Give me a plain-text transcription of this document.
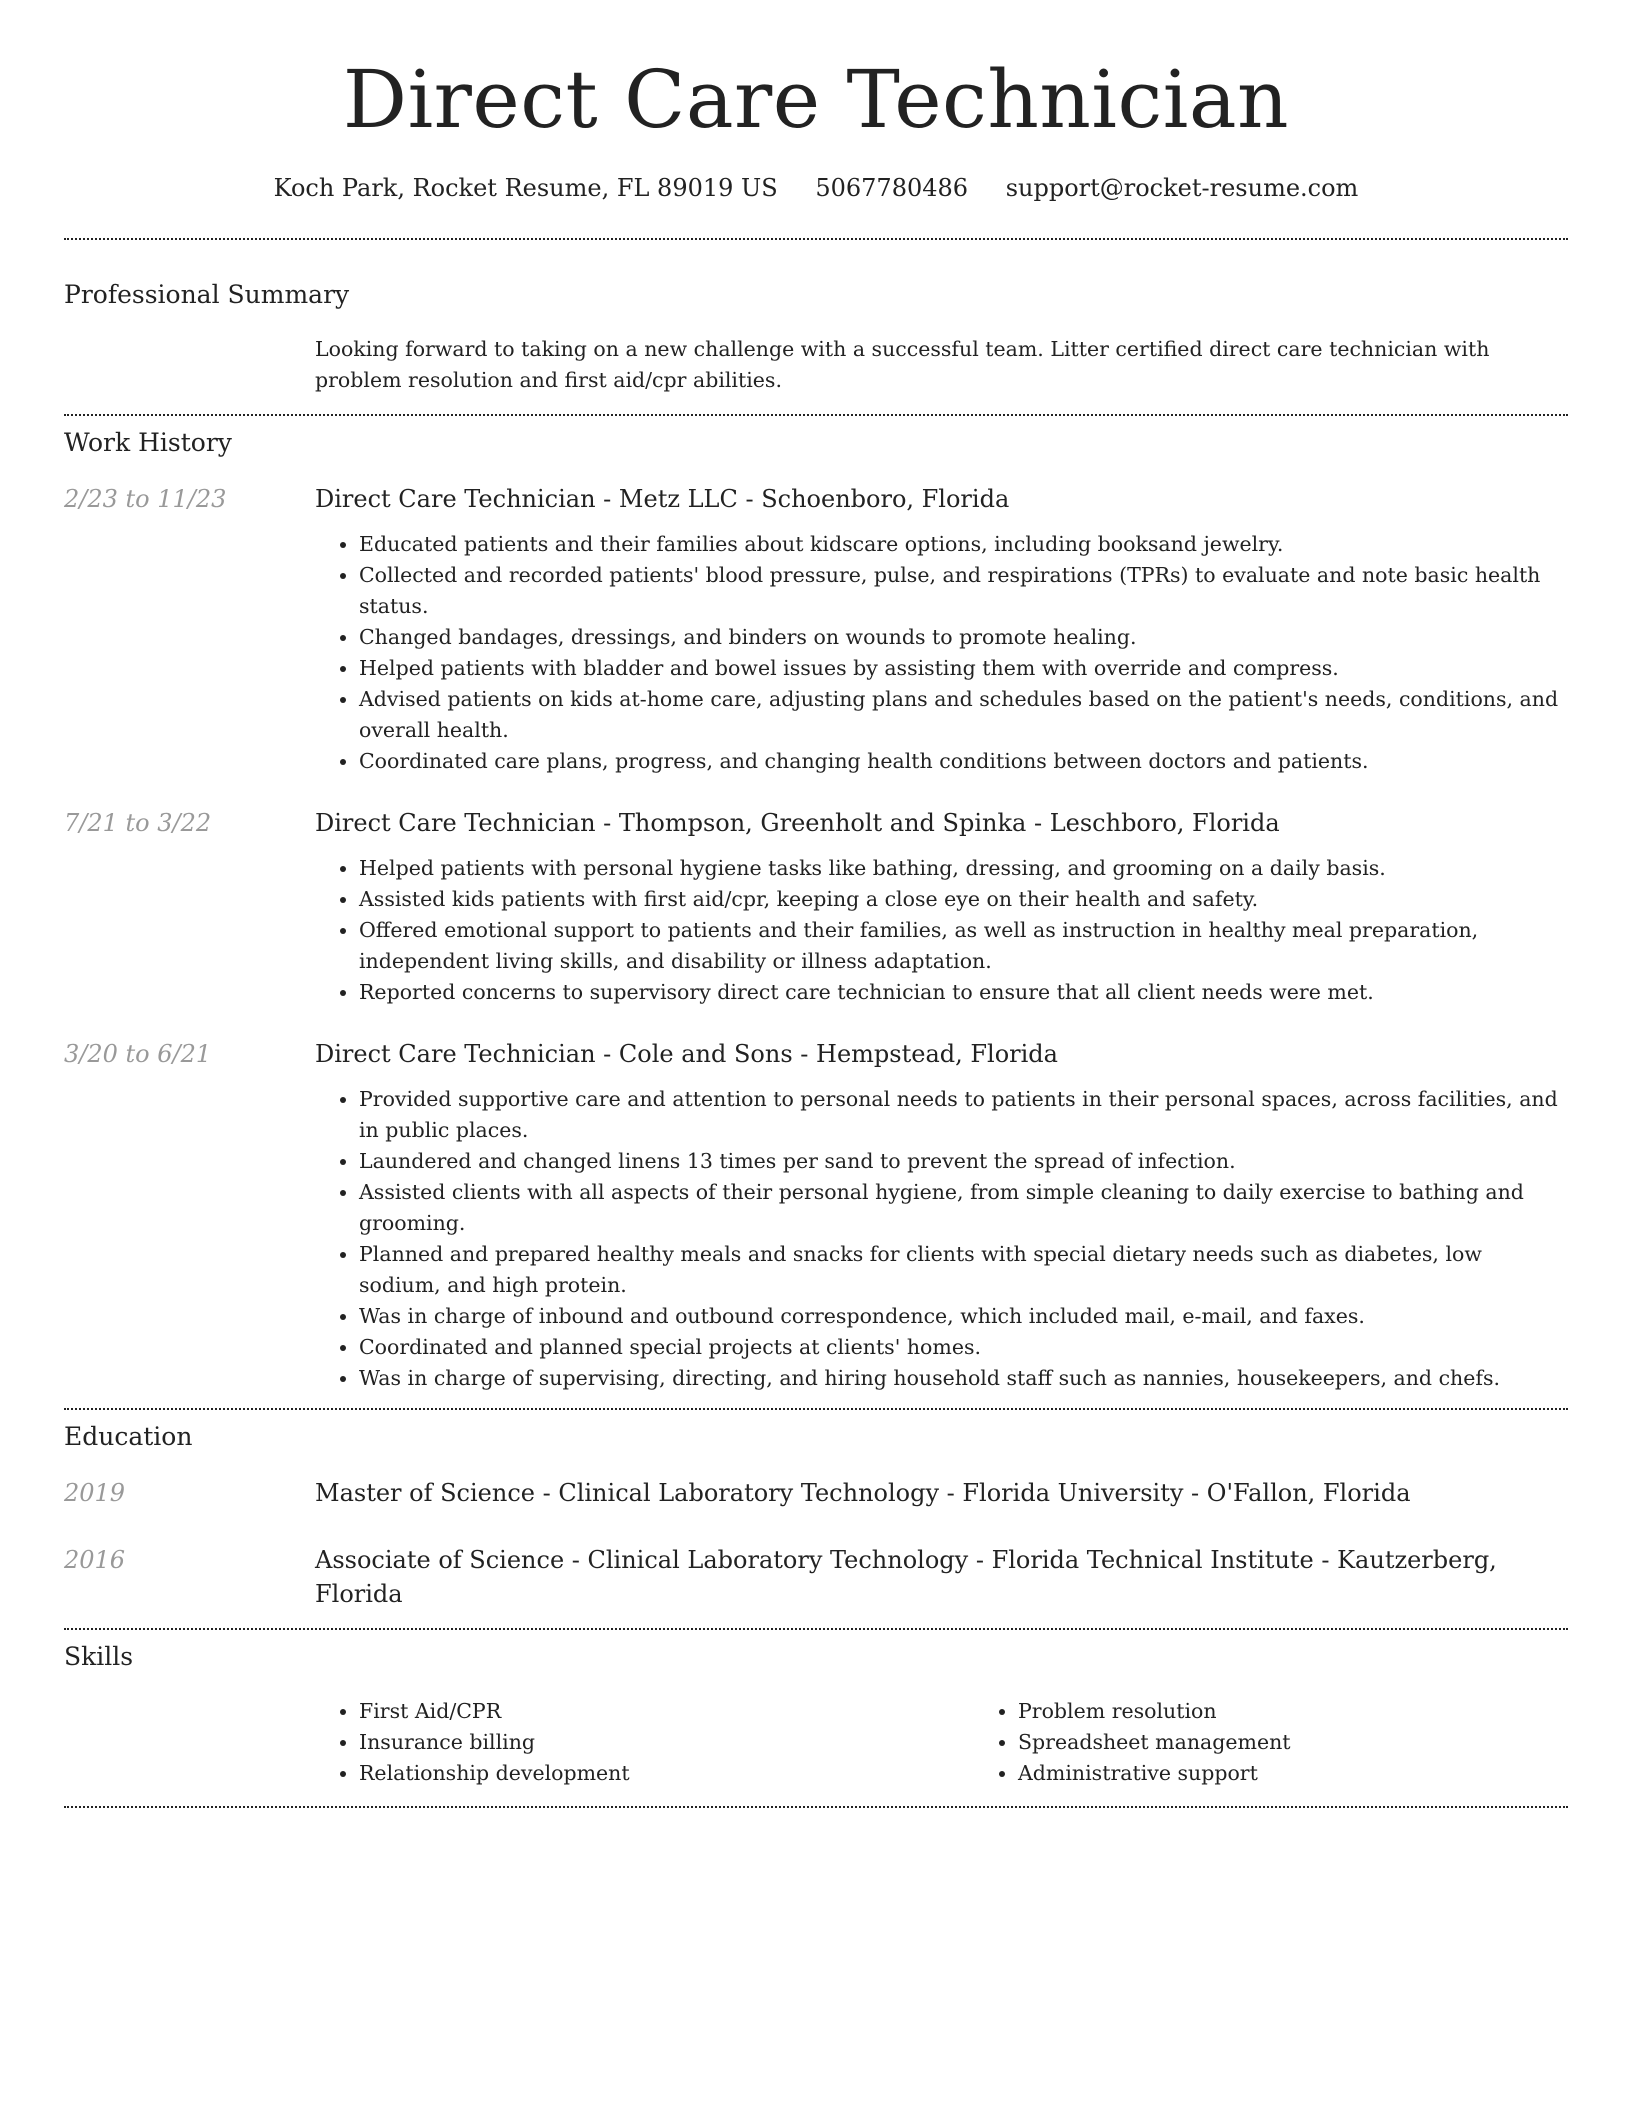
Direct Care Technician
Koch Park, Rocket Resume, FL 89019 US 5067780486 support@rocket-resume.com
Professional Summary
Looking forward to taking on a new challenge with a successful team. Litter certified direct care technician with problem resolution and first aid/cpr abilities.
Work History
2/23 to 11/23	Direct Care Technician - Metz LLC - Schoenboro, Florida
• Educated patients and their families about kidscare options, including booksand jewelry.
• Collected and recorded patients' blood pressure, pulse, and respirations (TPRs) to evaluate and note basic health status.
• Changed bandages, dressings, and binders on wounds to promote healing.
• Helped patients with bladder and bowel issues by assisting them with override and compress.
• Advised patients on kids at-home care, adjusting plans and schedules based on the patient's needs, conditions, and overall health.
• Coordinated care plans, progress, and changing health conditions between doctors and patients.
7/21 to 3/22	Direct Care Technician - Thompson, Greenholt and Spinka - Leschboro, Florida
• Helped patients with personal hygiene tasks like bathing, dressing, and grooming on a daily basis.
• Assisted kids patients with first aid/cpr, keeping a close eye on their health and safety.
• Offered emotional support to patients and their families, as well as instruction in healthy meal preparation, independent living skills, and disability or illness adaptation.
• Reported concerns to supervisory direct care technician to ensure that all client needs were met.
3/20 to 6/21	Direct Care Technician - Cole and Sons - Hempstead, Florida
• Provided supportive care and attention to personal needs to patients in their personal spaces, across facilities, and in public places.
• Laundered and changed linens 13 times per sand to prevent the spread of infection.
• Assisted clients with all aspects of their personal hygiene, from simple cleaning to daily exercise to bathing and grooming.
• Planned and prepared healthy meals and snacks for clients with special dietary needs such as diabetes, low sodium, and high protein.
• Was in charge of inbound and outbound correspondence, which included mail, e-mail, and faxes.
• Coordinated and planned special projects at clients' homes.
• Was in charge of supervising, directing, and hiring household staff such as nannies, housekeepers, and chefs.
Education
2019	Master of Science - Clinical Laboratory Technology - Florida University - O'Fallon, Florida
2016	Associate of Science - Clinical Laboratory Technology - Florida Technical Institute - Kautzerberg, Florida
Skills
• First Aid/CPR
• Insurance billing
• Relationship development
• Problem resolution
• Spreadsheet management
• Administrative support
